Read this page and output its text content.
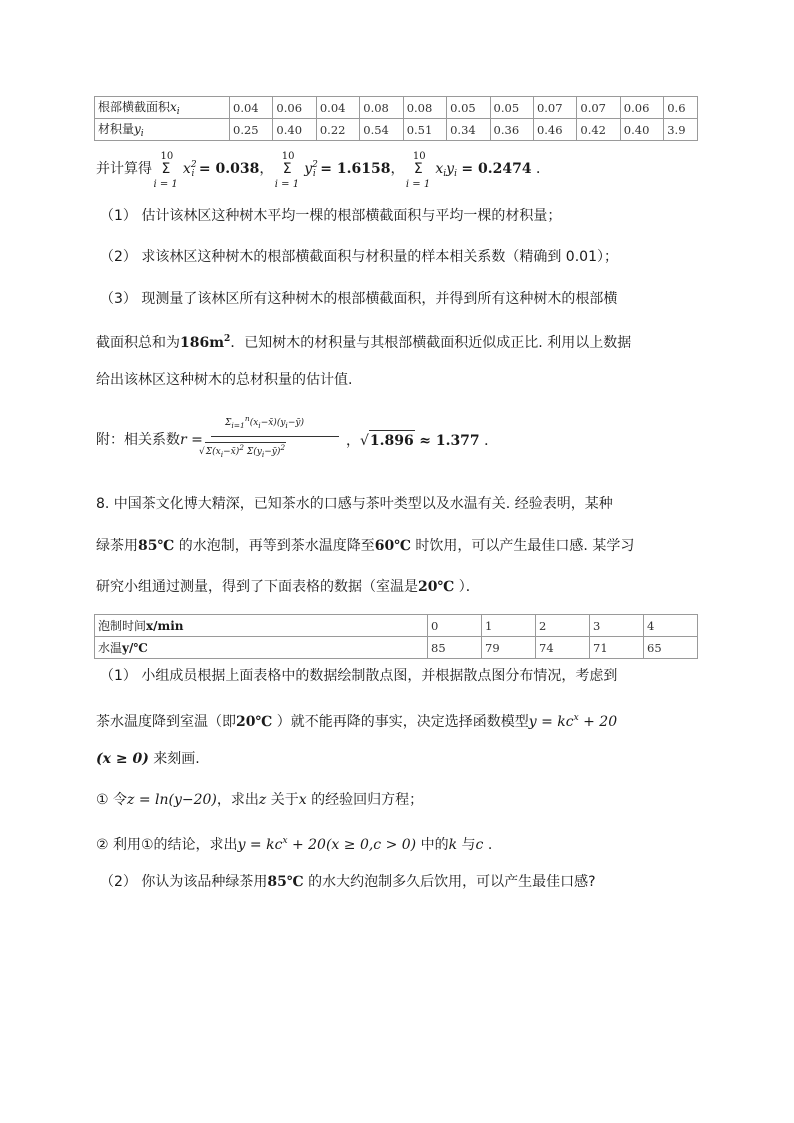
根部横截面积$x_i$	0.04	0.06	0.04	0.08	0.08	0.05	0.05	0.07	0.07	0.06	0.6
材积量$y_i$	0.25	0.40	0.22	0.54	0.51	0.34	0.36	0.46	0.42	0.40	3.9
并计算得
10
Σ
i = 1
$x^2_i = 0.038$，
10
Σ
i = 1
$y^2_i = 1.6158$，
10
Σ
i = 1
$x_iy_i = 0.2474$ ．
（1） 估计该林区这种树木平均一棵的根部横截面积与平均一棵的材积量；
（2） 求该林区这种树木的根部横截面积与材积量的样本相关系数（精确到 0.01）；
（3） 现测量了该林区所有这种树木的根部横截面积，并得到所有这种树木的根部横
截面积总和为$186m^2$．已知树木的材积量与其根部横截面积近似成正比. 利用以上数据
给出该林区这种树木的总材积量的估计值.
附：相关系数r =
$\Sigma_{i=1}^n(x_i-x̄)(y_i-ȳ)$
$√\Sigma(x_i-x̄)^2$ $\Sigma(y_i-ȳ)^2$	，√1.896 ≈ 1.377 ．
8. 中国茶文化博大精深，已知茶水的口感与茶叶类型以及水温有关. 经验表明，某种
绿茶用85℃ 的水泡制，再等到茶水温度降至60℃ 时饮用，可以产生最佳口感. 某学习
研究小组通过测量，得到了下面表格的数据（室温是20℃ ）．
泡制时间x/min	0	1	2	3	4
水温y/℃	85	79	74	71	65
（1） 小组成员根据上面表格中的数据绘制散点图，并根据散点图分布情况，考虑到
茶水温度降到室温（即20℃ ）就不能再降的事实，决定选择函数模型$y = kc^x + 20$
(x ≥ 0) 来刻画.
① 令z = ln(y−20)，求出z 关于x 的经验回归方程；
② 利用①的结论，求出$y = kc^x + 20(x \ge 0,c > 0)$ 中的k 与c .
（2） 你认为该品种绿茶用85℃ 的水大约泡制多久后饮用，可以产生最佳口感?
